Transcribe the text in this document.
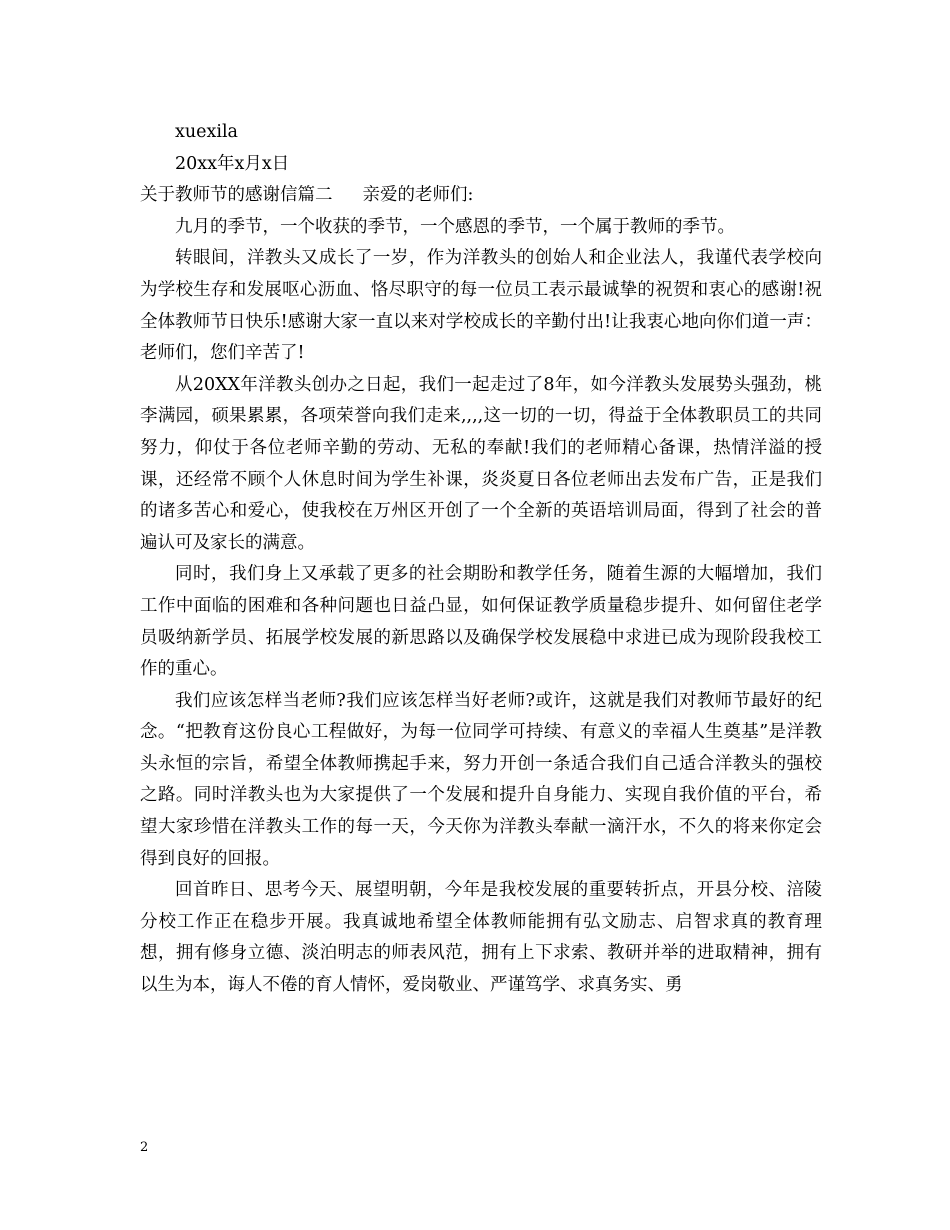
xuexila

20xx年x月x日

关于教师节的感谢信篇二 亲爱的老师们:

九月的季节，一个收获的季节，一个感恩的季节，一个属于教师的季节。

转眼间，洋教头又成长了一岁，作为洋教头的创始人和企业法人，我谨代表学校向为学校生存和发展呕心沥血、恪尽职守的每一位员工表示最诚挚的祝贺和衷心的感谢!祝全体教师节日快乐!感谢大家一直以来对学校成长的辛勤付出!让我衷心地向你们道一声：老师们，您们辛苦了!

从20XX年洋教头创办之日起，我们一起走过了8年，如今洋教头发展势头强劲，桃李满园，硕果累累，各项荣誉向我们走来,,,,这一切的一切，得益于全体教职员工的共同努力，仰仗于各位老师辛勤的劳动、无私的奉献!我们的老师精心备课，热情洋溢的授课，还经常不顾个人休息时间为学生补课，炎炎夏日各位老师出去发布广告，正是我们的诸多苦心和爱心，使我校在万州区开创了一个全新的英语培训局面，得到了社会的普遍认可及家长的满意。

同时，我们身上又承载了更多的社会期盼和教学任务，随着生源的大幅增加，我们工作中面临的困难和各种问题也日益凸显，如何保证教学质量稳步提升、如何留住老学员吸纳新学员、拓展学校发展的新思路以及确保学校发展稳中求进已成为现阶段我校工作的重心。

我们应该怎样当老师?我们应该怎样当好老师?或许，这就是我们对教师节最好的纪念。“把教育这份良心工程做好，为每一位同学可持续、有意义的幸福人生奠基”是洋教头永恒的宗旨，希望全体教师携起手来，努力开创一条适合我们自己适合洋教头的强校之路。同时洋教头也为大家提供了一个发展和提升自身能力、实现自我价值的平台，希望大家珍惜在洋教头工作的每一天，今天你为洋教头奉献一滴汗水，不久的将来你定会得到良好的回报。

回首昨日、思考今天、展望明朝，今年是我校发展的重要转折点，开县分校、涪陵分校工作正在稳步开展。我真诚地希望全体教师能拥有弘文励志、启智求真的教育理想，拥有修身立德、淡泊明志的师表风范，拥有上下求索、教研并举的进取精神，拥有以生为本，诲人不倦的育人情怀，爱岗敬业、严谨笃学、求真务实、勇

2
